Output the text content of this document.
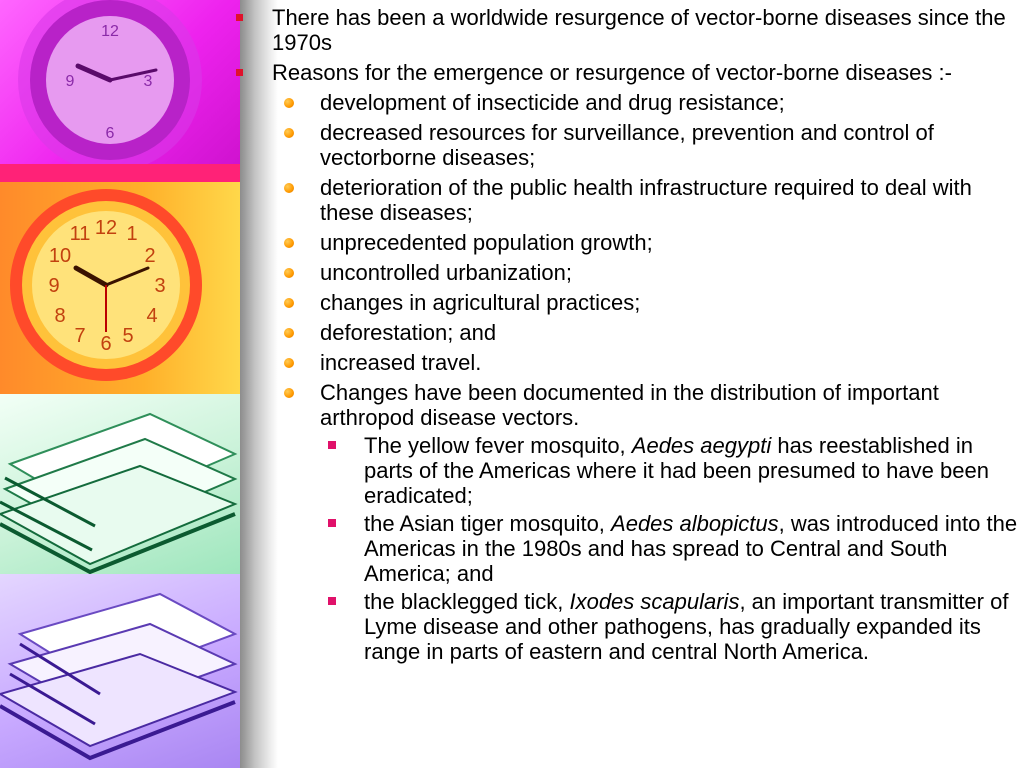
12
3
6
9
12
2
3
4
5
6
7
8
9
10
11 1
There has been a worldwide resurgence of vector-borne diseases since the 1970s
Reasons for the emergence or resurgence of vector-borne diseases :-
development of insecticide and drug resistance;
decreased resources for surveillance, prevention and control of vectorborne diseases;
deterioration of the public health infrastructure required to deal with these diseases;
unprecedented population growth;
uncontrolled urbanization;
changes in agricultural practices;
deforestation; and
increased travel.
Changes have been documented in the distribution of important arthropod disease vectors.
The yellow fever mosquito, Aedes aegypti has reestablished in parts of the Americas where it had been presumed to have been eradicated;
the Asian tiger mosquito, Aedes albopictus, was introduced into the Americas in the 1980s and has spread to Central and South America; and
the blacklegged tick, Ixodes scapularis, an important transmitter of Lyme disease and other pathogens, has gradually expanded its range in parts of eastern and central North America.
